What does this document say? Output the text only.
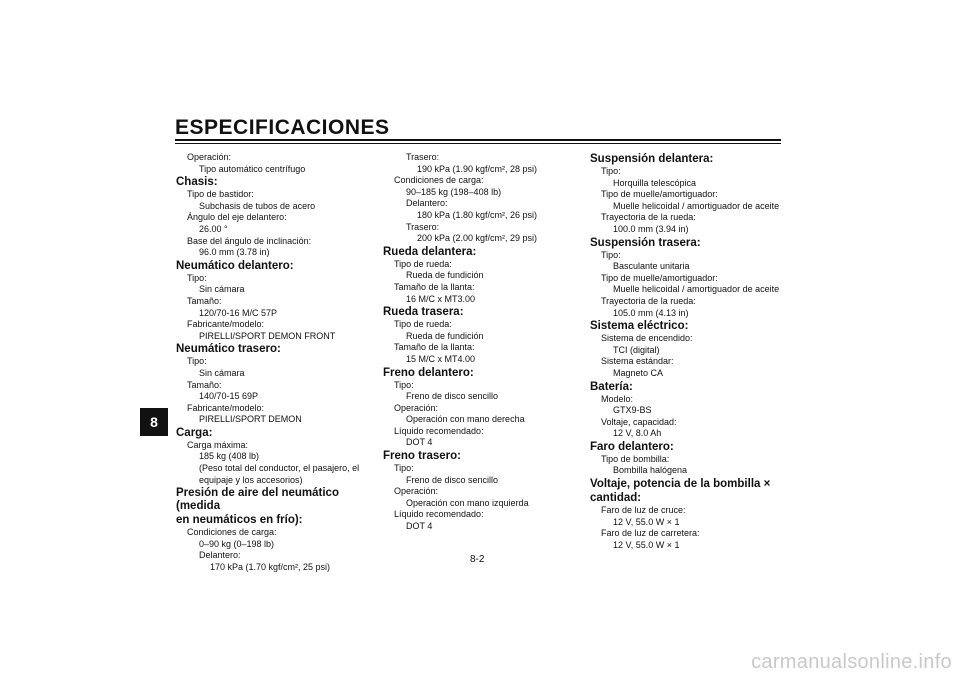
ESPECIFICACIONES
8
Operación:
Tipo automático centrífugo
Chasis:
Tipo de bastidor:
Subchasis de tubos de acero
Ángulo del eje delantero:
26.00 °
Base del ángulo de inclinación:
96.0 mm (3.78 in)
Neumático delantero:
Tipo:
Sin cámara
Tamaño:
120/70-16 M/C 57P
Fabricante/modelo:
PIRELLI/SPORT DEMON FRONT
Neumático trasero:
Tipo:
Sin cámara
Tamaño:
140/70-15 69P
Fabricante/modelo:
PIRELLI/SPORT DEMON
Carga:
Carga máxima:
185 kg (408 lb)
(Peso total del conductor, el pasajero, el
equipaje y los accesorios)
Presión de aire del neumático (medida
en neumáticos en frío):
Condiciones de carga:
0–90 kg (0–198 lb)
Delantero:
170 kPa (1.70 kgf/cm², 25 psi)
Trasero:
190 kPa (1.90 kgf/cm², 28 psi)
Condiciones de carga:
90–185 kg (198–408 lb)
Delantero:
180 kPa (1.80 kgf/cm², 26 psi)
Trasero:
200 kPa (2.00 kgf/cm², 29 psi)
Rueda delantera:
Tipo de rueda:
Rueda de fundición
Tamaño de la llanta:
16 M/C x MT3.00
Rueda trasera:
Tipo de rueda:
Rueda de fundición
Tamaño de la llanta:
15 M/C x MT4.00
Freno delantero:
Tipo:
Freno de disco sencillo
Operación:
Operación con mano derecha
Líquido recomendado:
DOT 4
Freno trasero:
Tipo:
Freno de disco sencillo
Operación:
Operación con mano izquierda
Líquido recomendado:
DOT 4
Suspensión delantera:
Tipo:
Horquilla telescópica
Tipo de muelle/amortiguador:
Muelle helicoidal / amortiguador de aceite
Trayectoria de la rueda:
100.0 mm (3.94 in)
Suspensión trasera:
Tipo:
Basculante unitaria
Tipo de muelle/amortiguador:
Muelle helicoidal / amortiguador de aceite
Trayectoria de la rueda:
105.0 mm (4.13 in)
Sistema eléctrico:
Sistema de encendido:
TCI (digital)
Sistema estándar:
Magneto CA
Batería:
Modelo:
GTX9-BS
Voltaje, capacidad:
12 V, 8.0 Ah
Faro delantero:
Tipo de bombilla:
Bombilla halógena
Voltaje, potencia de la bombilla ×
cantidad:
Faro de luz de cruce:
12 V, 55.0 W × 1
Faro de luz de carretera:
12 V, 55.0 W × 1
8-2
carmanualsonline.info
